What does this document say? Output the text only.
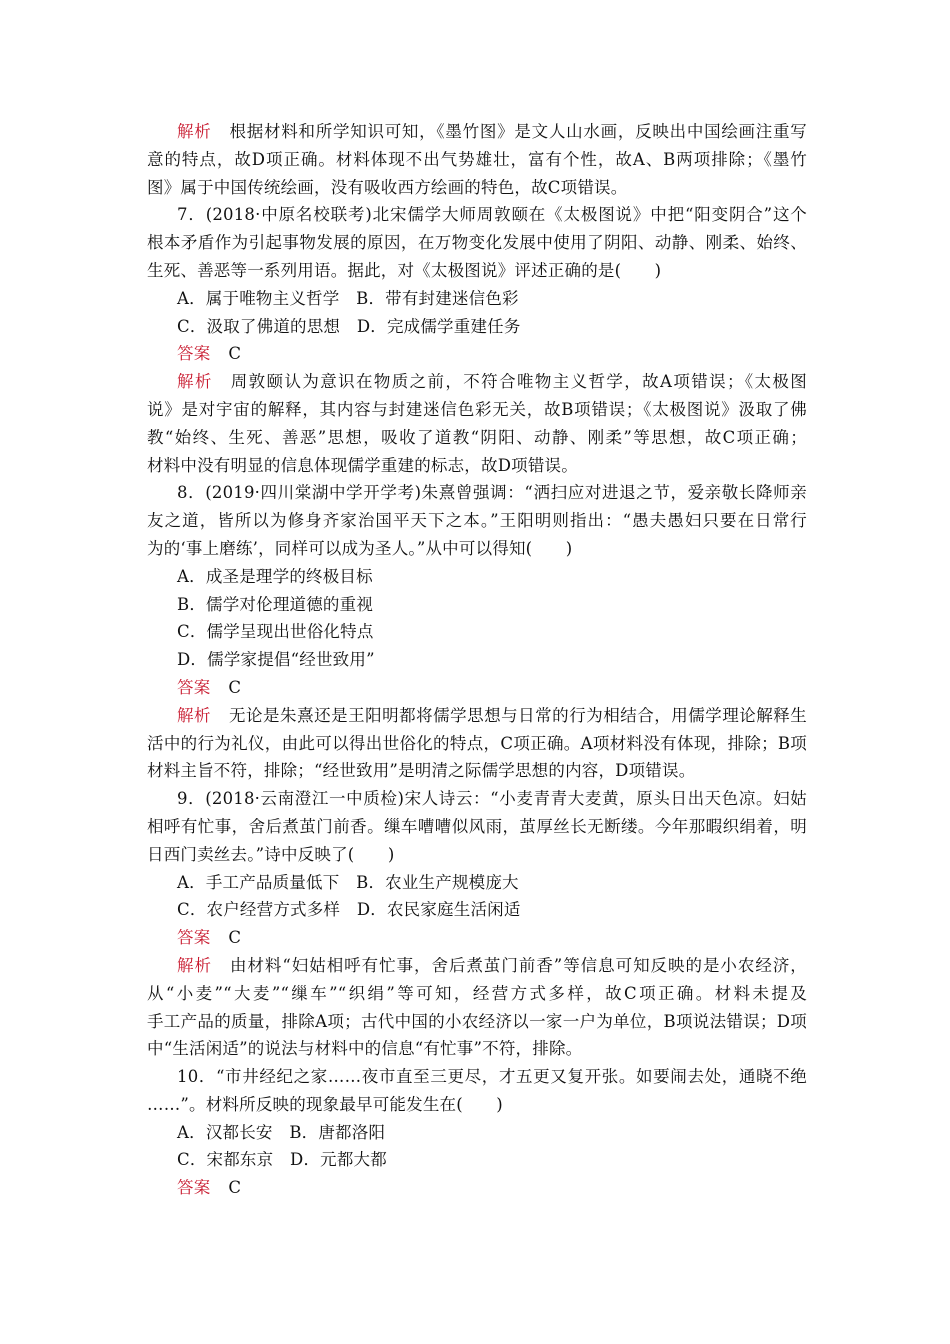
解析 根据材料和所学知识可知，《墨竹图》是文人山水画，反映出中国绘画注重写
意的特点，故D项正确。材料体现不出气势雄壮，富有个性，故A、B两项排除；《墨竹
图》属于中国传统绘画，没有吸收西方绘画的特色，故C项错误。
7．(2018·中原名校联考)北宋儒学大师周敦颐在《太极图说》中把“阳变阴合”这个
根本矛盾作为引起事物发展的原因，在万物变化发展中使用了阴阳、动静、刚柔、始终、
生死、善恶等一系列用语。据此，对《太极图说》评述正确的是(　　)
A．属于唯物主义哲学　B．带有封建迷信色彩
C．汲取了佛道的思想　D．完成儒学重建任务
答案 C
解析 周敦颐认为意识在物质之前，不符合唯物主义哲学，故A项错误；《太极图
说》是对宇宙的解释，其内容与封建迷信色彩无关，故B项错误；《太极图说》汲取了佛
教“始终、生死、善恶”思想，吸收了道教“阴阳、动静、刚柔”等思想，故C项正确；
材料中没有明显的信息体现儒学重建的标志，故D项错误。
8．(2019·四川棠湖中学开学考)朱熹曾强调：“洒扫应对进退之节，爱亲敬长降师亲
友之道，皆所以为修身齐家治国平天下之本。”王阳明则指出：“愚夫愚妇只要在日常行
为的‘事上磨练’，同样可以成为圣人。”从中可以得知(　　)
A．成圣是理学的终极目标
B．儒学对伦理道德的重视
C．儒学呈现出世俗化特点
D．儒学家提倡“经世致用”
答案 C
解析 无论是朱熹还是王阳明都将儒学思想与日常的行为相结合，用儒学理论解释生
活中的行为礼仪，由此可以得出世俗化的特点，C项正确。A项材料没有体现，排除；B项
材料主旨不符，排除；“经世致用”是明清之际儒学思想的内容，D项错误。
9．(2018·云南澄江一中质检)宋人诗云：“小麦青青大麦黄，原头日出天色凉。妇姑
相呼有忙事，舍后煮茧门前香。缫车嘈嘈似风雨，茧厚丝长无断缕。今年那暇织绢着，明
日西门卖丝去。”诗中反映了(　　)
A．手工产品质量低下　B．农业生产规模庞大
C．农户经营方式多样　D．农民家庭生活闲适
答案 C
解析 由材料“妇姑相呼有忙事，舍后煮茧门前香”等信息可知反映的是小农经济，
从“小麦”“大麦”“缫车”“织绢”等可知，经营方式多样，故C项正确。材料未提及
手工产品的质量，排除A项；古代中国的小农经济以一家一户为单位，B项说法错误；D项
中“生活闲适”的说法与材料中的信息“有忙事”不符，排除。
10．“市井经纪之家……夜市直至三更尽，才五更又复开张。如要闹去处，通晓不绝
……”。材料所反映的现象最早可能发生在(　　)
A．汉都长安　B．唐都洛阳
C．宋都东京　D．元都大都
答案 C
